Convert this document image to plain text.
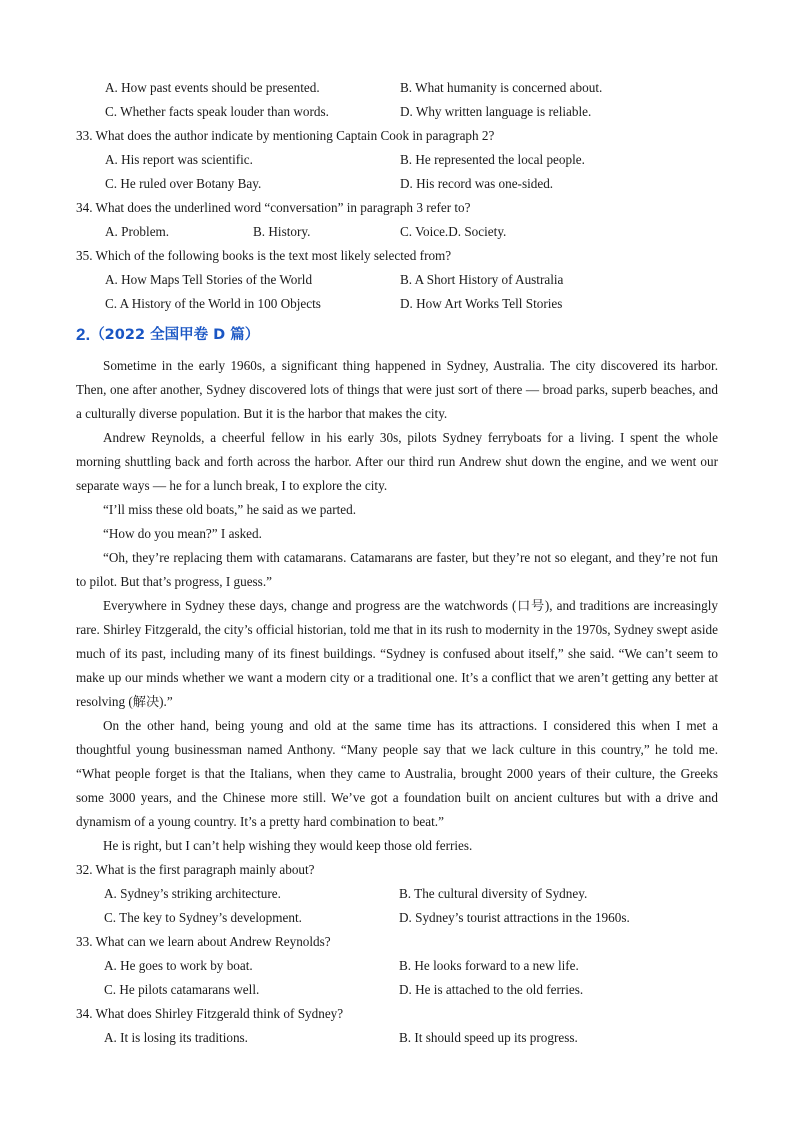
A. How past events should be presented.	B. What humanity is concerned about.
C. Whether facts speak louder than words.	D. Why written language is reliable.
33. What does the author indicate by mentioning Captain Cook in paragraph 2?
A. His report was scientific.	B. He represented the local people.
C. He ruled over Botany Bay.	D. His record was one-sided.
34. What does the underlined word “conversation” in paragraph 3 refer to?
A. Problem.	B. History.	C. Voice.D. Society.
35. Which of the following books is the text most likely selected from?
A. How Maps Tell Stories of the World	B. A Short History of Australia
C. A History of the World in 100 Objects	D. How Art Works Tell Stories
2. （2022 全国甲卷 D 篇）

Sometime in the early 1960s, a significant thing happened in Sydney, Australia. The city discovered its harbor. Then, one after another, Sydney discovered lots of things that were just sort of there — broad parks, superb beaches, and a culturally diverse population. But it is the harbor that makes the city.

Andrew Reynolds, a cheerful fellow in his early 30s, pilots Sydney ferryboats for a living. I spent the whole morning shuttling back and forth across the harbor. After our third run Andrew shut down the engine, and we went our separate ways — he for a lunch break, I to explore the city.

“I’ll miss these old boats,” he said as we parted.

“How do you mean?” I asked.

“Oh, they’re replacing them with catamarans. Catamarans are faster, but they’re not so elegant, and they’re not fun to pilot. But that’s progress, I guess.”

Everywhere in Sydney these days, change and progress are the watchwords (口号), and traditions are increasingly rare. Shirley Fitzgerald, the city’s official historian, told me that in its rush to modernity in the 1970s, Sydney swept aside much of its past, including many of its finest buildings. “Sydney is confused about itself,” she said. “We can’t seem to make up our minds whether we want a modern city or a traditional one. It’s a conflict that we aren’t getting any better at resolving (解决).”

On the other hand, being young and old at the same time has its attractions. I considered this when I met a thoughtful young businessman named Anthony. “Many people say that we lack culture in this country,” he told me. “What people forget is that the Italians, when they came to Australia, brought 2000 years of their culture, the Greeks some 3000 years, and the Chinese more still. We’ve got a foundation built on ancient cultures but with a drive and dynamism of a young country. It’s a pretty hard combination to beat.”

He is right, but I can’t help wishing they would keep those old ferries.

32. What is the first paragraph mainly about?
A. Sydney’s striking architecture.	B. The cultural diversity of Sydney.
C. The key to Sydney’s development.	D. Sydney’s tourist attractions in the 1960s.
33. What can we learn about Andrew Reynolds?
A. He goes to work by boat.	B. He looks forward to a new life.
C. He pilots catamarans well.	D. He is attached to the old ferries.
34. What does Shirley Fitzgerald think of Sydney?
A. It is losing its traditions.	B. It should speed up its progress.
